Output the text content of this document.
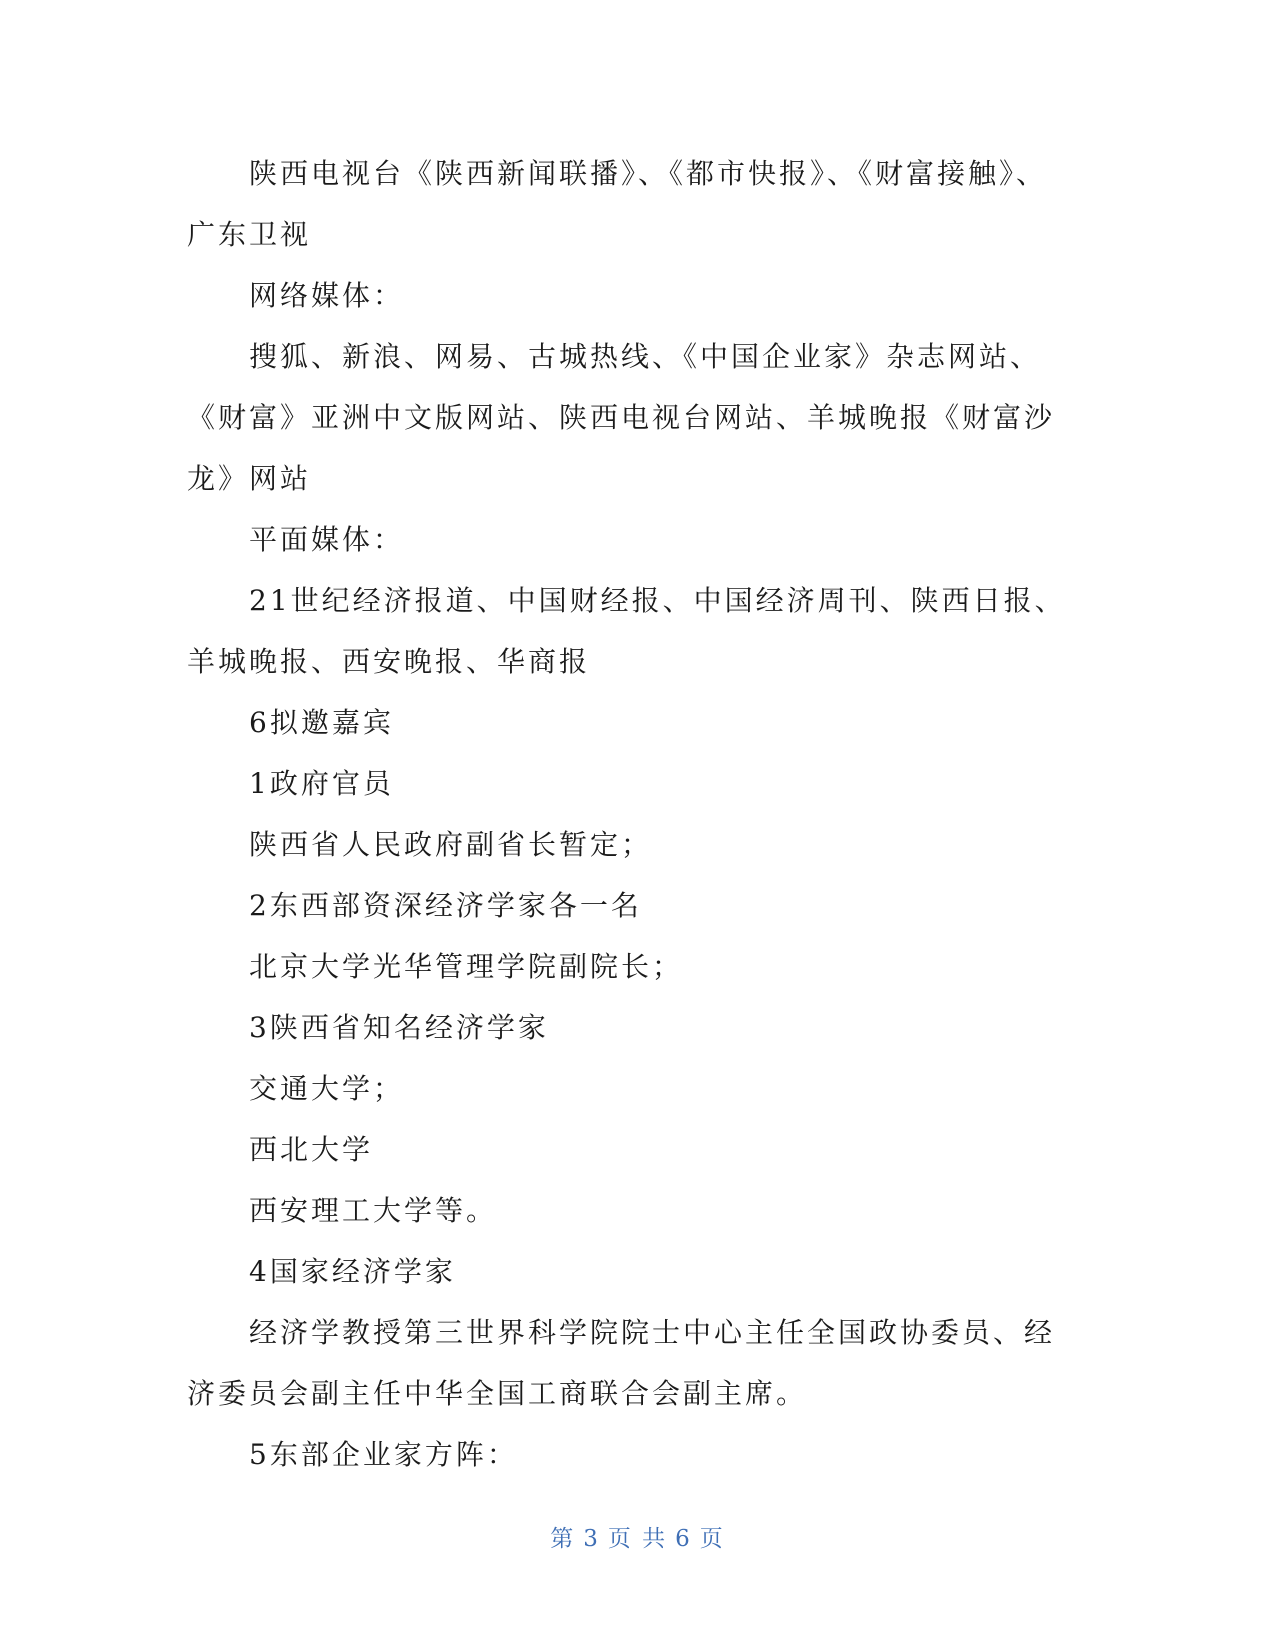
陕西电视台《陕西新闻联播》、《都市快报》、《财富接触》、广东卫视

网络媒体：

搜狐、新浪、网易、古城热线、《中国企业家》杂志网站、《财富》亚洲中文版网站、陕西电视台网站、羊城晚报《财富沙龙》网站

平面媒体：

21世纪经济报道、中国财经报、中国经济周刊、陕西日报、羊城晚报、西安晚报、华商报

6拟邀嘉宾

1政府官员

陕西省人民政府副省长暂定；

2东西部资深经济学家各一名

北京大学光华管理学院副院长；

3陕西省知名经济学家

交通大学；

西北大学

西安理工大学等。

4国家经济学家

经济学教授第三世界科学院院士中心主任全国政协委员、经济委员会副主任中华全国工商联合会副主席。

5东部企业家方阵：

第 3 页 共 6 页
